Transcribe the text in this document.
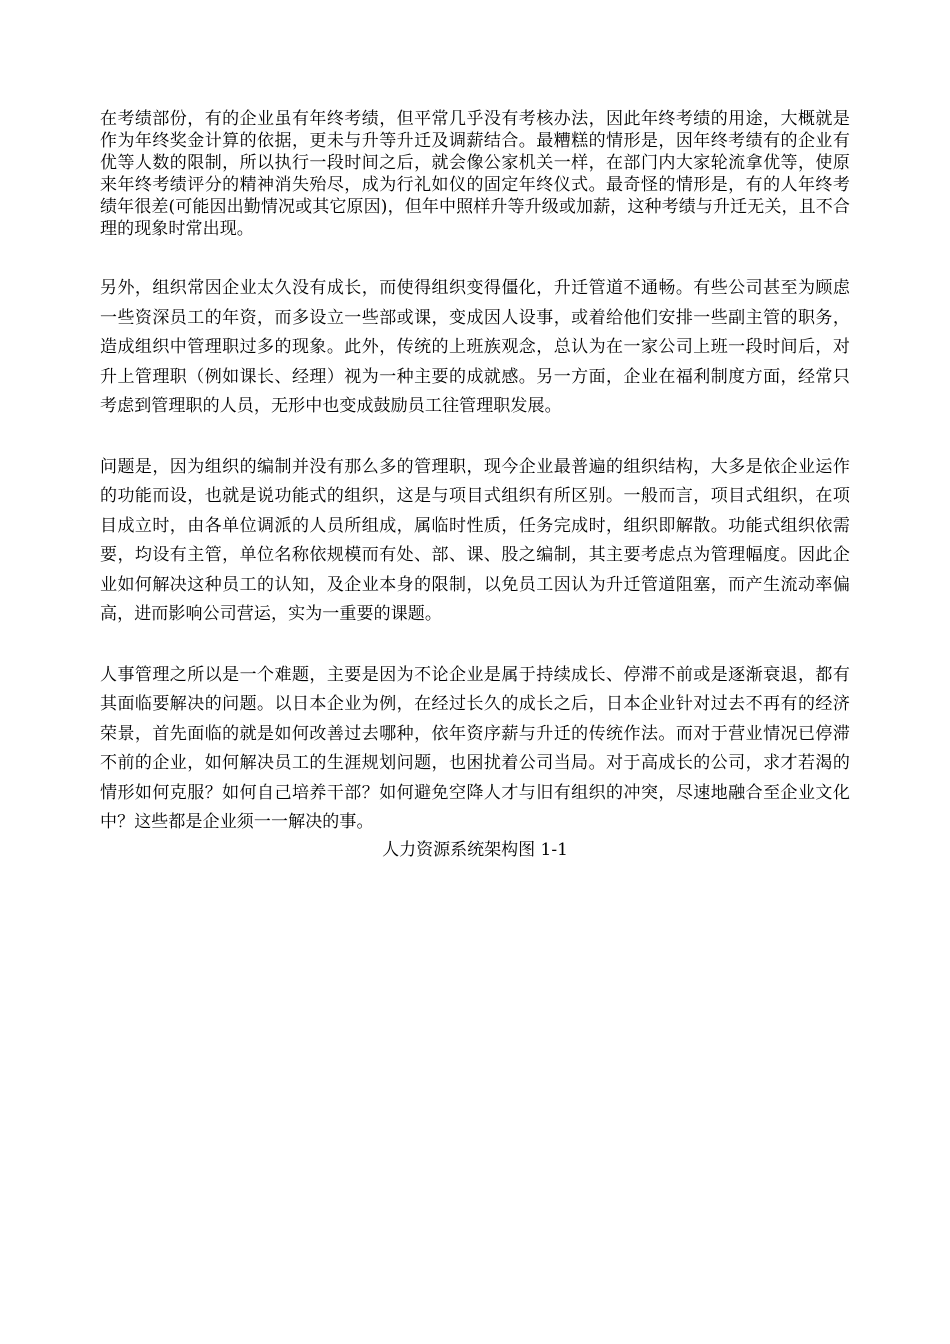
在考绩部份，有的企业虽有年终考绩，但平常几乎没有考核办法，因此年终考绩的用途，大概就是作为年终奖金计算的依据，更未与升等升迁及调薪结合。最糟糕的情形是，因年终考绩有的企业有优等人数的限制，所以执行一段时间之后，就会像公家机关一样，在部门内大家轮流拿优等，使原来年终考绩评分的精神消失殆尽，成为行礼如仪的固定年终仪式。最奇怪的情形是，有的人年终考绩年很差(可能因出勤情况或其它原因)，但年中照样升等升级或加薪，这种考绩与升迁无关，且不合理的现象时常出现。

另外，组织常因企业太久没有成长，而使得组织变得僵化，升迁管道不通畅。有些公司甚至为顾虑一些资深员工的年资，而多设立一些部或课，变成因人设事，或着给他们安排一些副主管的职务，造成组织中管理职过多的现象。此外，传统的上班族观念，总认为在一家公司上班一段时间后，对升上管理职（例如课长、经理）视为一种主要的成就感。另一方面，企业在福利制度方面，经常只考虑到管理职的人员，无形中也变成鼓励员工往管理职发展。

问题是，因为组织的编制并没有那么多的管理职，现今企业最普遍的组织结构，大多是依企业运作的功能而设，也就是说功能式的组织，这是与项目式组织有所区别。一般而言，项目式组织，在项目成立时，由各单位调派的人员所组成，属临时性质，任务完成时，组织即解散。功能式组织依需要，均设有主管，单位名称依规模而有处、部、课、股之编制，其主要考虑点为管理幅度。因此企业如何解决这种员工的认知，及企业本身的限制，以免员工因认为升迁管道阻塞，而产生流动率偏高，进而影响公司营运，实为一重要的课题。

人事管理之所以是一个难题，主要是因为不论企业是属于持续成长、停滞不前或是逐渐衰退，都有其面临要解决的问题。以日本企业为例，在经过长久的成长之后，日本企业针对过去不再有的经济荣景，首先面临的就是如何改善过去哪种，依年资序薪与升迁的传统作法。而对于营业情况已停滞不前的企业，如何解决员工的生涯规划问题，也困扰着公司当局。对于高成长的公司，求才若渴的情形如何克服？如何自己培养干部？如何避免空降人才与旧有组织的冲突，尽速地融合至企业文化中？这些都是企业须一一解决的事。

人力资源系统架构图 1-1
